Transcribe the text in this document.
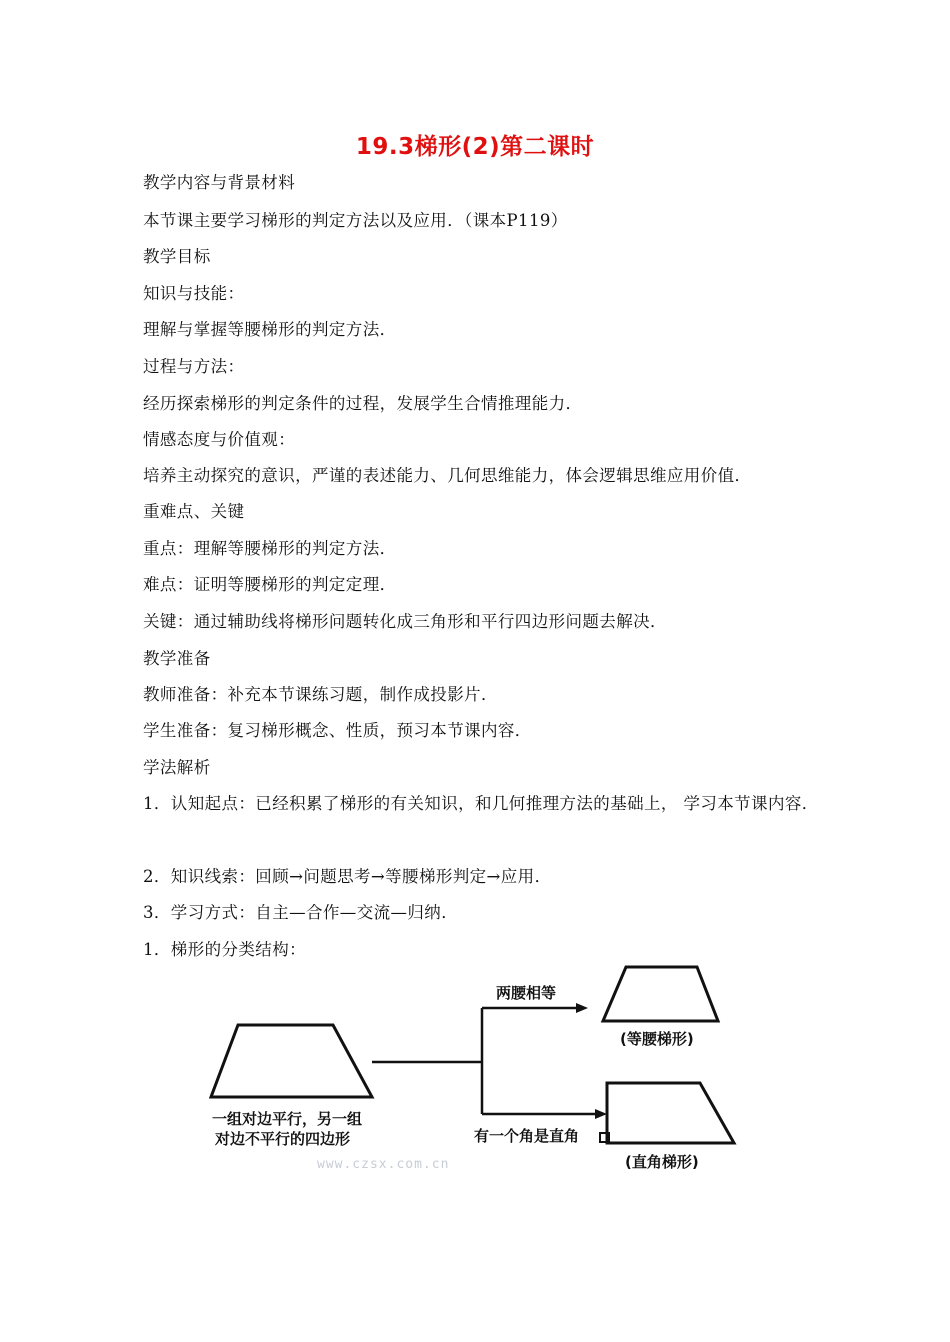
19.3梯形(2)第二课时
教学内容与背景材料
本节课主要学习梯形的判定方法以及应用．（课本P119）
教学目标
知识与技能：
理解与掌握等腰梯形的判定方法．
过程与方法：
经历探索梯形的判定条件的过程，发展学生合情推理能力．
情感态度与价值观：
培养主动探究的意识，严谨的表述能力、几何思维能力，体会逻辑思维应用价值．
重难点、关键
重点：理解等腰梯形的判定方法．
难点：证明等腰梯形的判定定理．
关键：通过辅助线将梯形问题转化成三角形和平行四边形问题去解决．
教学准备
教师准备：补充本节课练习题，制作成投影片．
学生准备：复习梯形概念、性质，预习本节课内容．
学法解析
1．认知起点：已经积累了梯形的有关知识，和几何推理方法的基础上， 学习本节课内容．
2．知识线索：回顾→问题思考→等腰梯形判定→应用．
3．学习方式：自主—合作—交流—归纳．
1．梯形的分类结构：
一组对边平行，另一组
对边不平行的四边形
两腰相等
有一个角是直角
(等腰梯形)
(直角梯形)
www.czsx.com.cn
